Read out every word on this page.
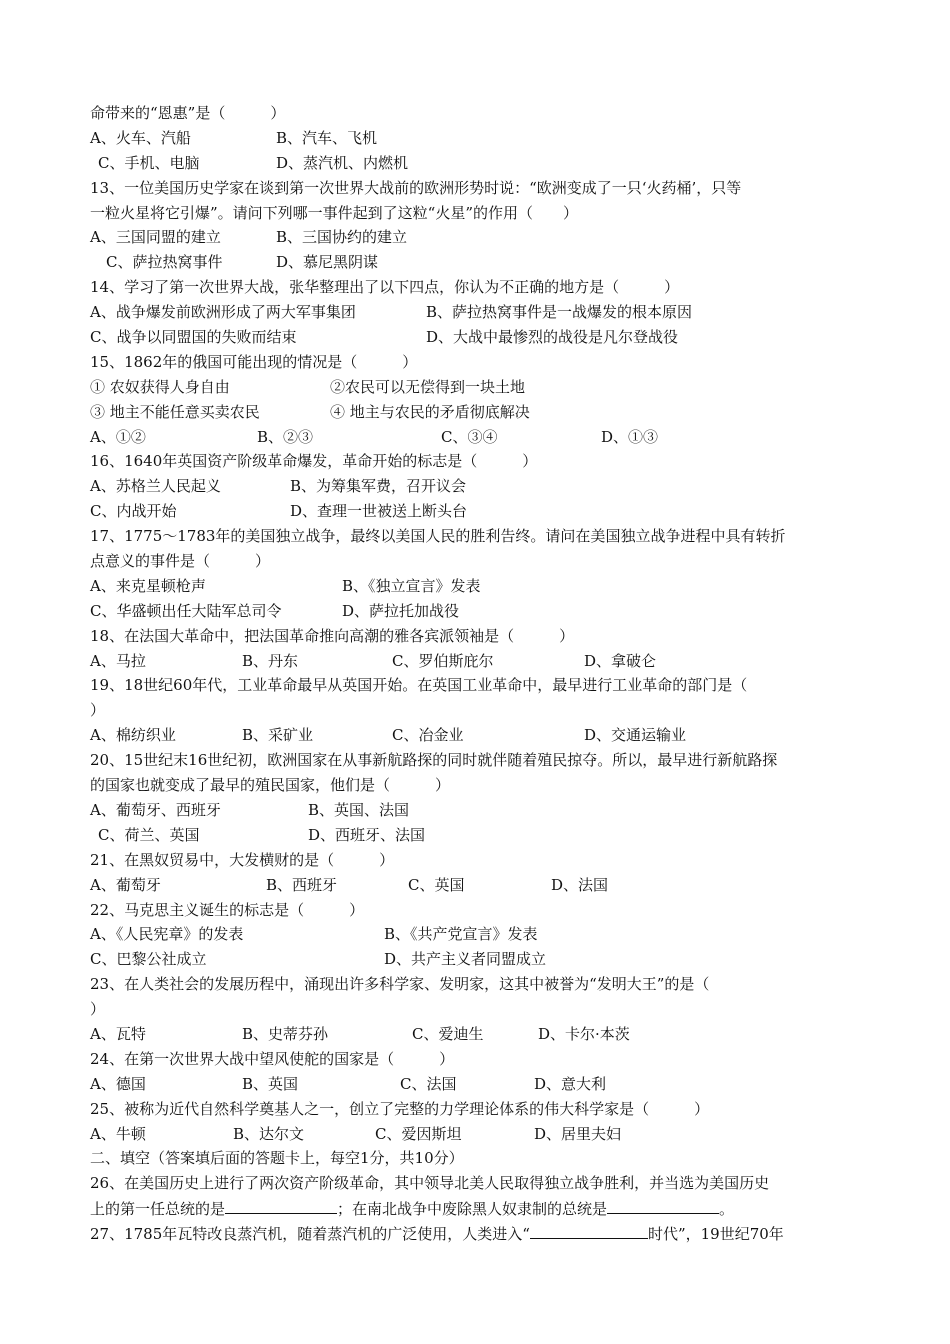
命带来的“恩惠”是（　　　）
A、火车、汽船	B、汽车、飞机
C、手机、电脑	D、蒸汽机、内燃机
13、一位美国历史学家在谈到第一次世界大战前的欧洲形势时说：“欧洲变成了一只‘火药桶’，只等
一粒火星将它引爆”。请问下列哪一事件起到了这粒“火星”的作用（　　）
A、三国同盟的建立	B、三国协约的建立
C、萨拉热窝事件	D、慕尼黑阴谋
14、学习了第一次世界大战，张华整理出了以下四点，你认为不正确的地方是（　　　）
A、战争爆发前欧洲形成了两大军事集团	B、萨拉热窝事件是一战爆发的根本原因
C、战争以同盟国的失败而结束	D、大战中最惨烈的战役是凡尔登战役
15、1862年的俄国可能出现的情况是（　　　）
① 农奴获得人身自由	②农民可以无偿得到一块土地
③ 地主不能任意买卖农民	④ 地主与农民的矛盾彻底解决
A、①②	B、②③	C、③④	D、①③
16、1640年英国资产阶级革命爆发，革命开始的标志是（　　　）
A、苏格兰人民起义	B、为筹集军费，召开议会
C、内战开始	D、查理一世被送上断头台
17、1775～1783年的美国独立战争，最终以美国人民的胜利告终。请问在美国独立战争进程中具有转折
点意义的事件是（　　　）
A、来克星顿枪声	B、《独立宣言》发表
C、华盛顿出任大陆军总司令	D、萨拉托加战役
18、在法国大革命中，把法国革命推向高潮的雅各宾派领袖是（　　　）
A、马拉	B、丹东	C、罗伯斯庇尔	D、拿破仑
19、18世纪60年代，工业革命最早从英国开始。在英国工业革命中，最早进行工业革命的部门是（
）
A、棉纺织业	B、采矿业	C、冶金业	D、交通运输业
20、15世纪末16世纪初，欧洲国家在从事新航路探的同时就伴随着殖民掠夺。所以，最早进行新航路探
的国家也就变成了最早的殖民国家，他们是（　　　）
A、葡萄牙、西班牙	B、英国、法国
C、荷兰、英国	D、西班牙、法国
21、在黑奴贸易中，大发横财的是（　　　）
A、葡萄牙	B、西班牙	C、英国	D、法国
22、马克思主义诞生的标志是（　　　）
A、《人民宪章》的发表	B、《共产党宣言》发表
C、巴黎公社成立	D、共产主义者同盟成立
23、在人类社会的发展历程中，涌现出许多科学家、发明家，这其中被誉为“发明大王”的是（
）
A、瓦特	B、史蒂芬孙	C、爱迪生	D、卡尔·本茨
24、在第一次世界大战中望风使舵的国家是（　　　）
A、德国	B、英国	C、法国	D、意大利
25、被称为近代自然科学奠基人之一，创立了完整的力学理论体系的伟大科学家是（　　　）
A、牛顿	B、达尔文	C、爱因斯坦	D、居里夫妇
二、填空（答案填后面的答题卡上，每空1分，共10分）
26、在美国历史上进行了两次资产阶级革命，其中领导北美人民取得独立战争胜利，并当选为美国历史
上的第一任总统的是	；在南北战争中废除黑人奴隶制的总统是	。
27、1785年瓦特改良蒸汽机，随着蒸汽机的广泛使用，人类进入“	时代”，19世纪70年
